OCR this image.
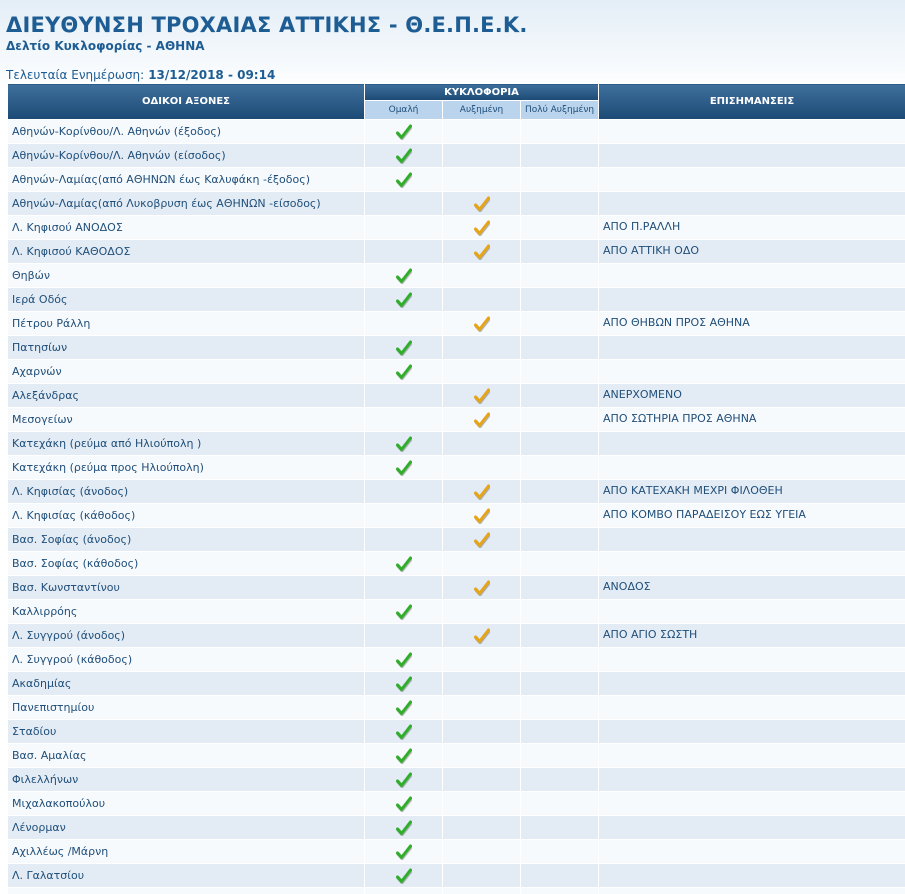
ΔΙΕΥΘΥΝΣΗ ΤΡΟΧΑΙΑΣ ΑΤΤΙΚΗΣ - Θ.Ε.Π.Ε.Κ.
Δελτίο Κυκλοφορίας - ΑΘΗΝΑ
Τελευταία Ενημέρωση: 13/12/2018 - 09:14
ΟΔΙΚΟΙ ΑΞΟΝΕΣ	ΚΥΚΛΟΦΟΡΙΑ			ΕΠΙΣΗΜΑΝΣΕΙΣ
	Ομαλή	Αυξημένη	Πολύ Αυξημένη	
Αθηνών-Κορίνθου/Λ. Αθηνών (έξοδος)	

Αθηνών-Κορίνθου/Λ. Αθηνών (είσοδος)	

Αθηνών-Λαμίας(από ΑΘΗΝΩΝ έως Καλυφάκη -έξοδος)	

Αθηνών-Λαμίας(από Λυκοβρυση έως ΑΘΗΝΩΝ -είσοδος)		

Λ. Κηφισού ΑΝΟΔΟΣ				ΑΠΟ Π.ΡΑΛΛΗ
Λ. Κηφισού ΚΑΘΟΔΟΣ				ΑΠΟ ΑΤΤΙΚΗ ΟΔΟ
Θηβών	

Ιερά Οδός	

Πέτρου Ράλλη				ΑΠΟ ΘΗΒΩΝ ΠΡΟΣ ΑΘΗΝΑ
Πατησίων	

Αχαρνών	

Αλεξάνδρας				ΑΝΕΡΧΟΜΕΝΟ
Μεσογείων				ΑΠΟ ΣΩΤΗΡΙΑ ΠΡΟΣ ΑΘΗΝΑ
Κατεχάκη (ρεύμα από Ηλιούπολη )	

Κατεχάκη (ρεύμα προς Ηλιούπολη)	

Λ. Κηφισίας (άνοδος)				ΑΠΟ ΚΑΤΕΧΑΚΗ ΜΕΧΡΙ ΦΙΛΟΘΕΗ
Λ. Κηφισίας (κάθοδος)				ΑΠΟ ΚΟΜΒΟ ΠΑΡΑΔΕΙΣΟΥ ΕΩΣ ΥΓΕΙΑ
Βασ. Σοφίας (άνοδος)		

Βασ. Σοφίας (κάθοδος)	

Βασ. Κωνσταντίνου				ΑΝΟΔΟΣ
Καλλιρρόης	

Λ. Συγγρού (άνοδος)				ΑΠΟ ΑΓΙΟ ΣΩΣΤΗ
Λ. Συγγρού (κάθοδος)	

Ακαδημίας	

Πανεπιστημίου	

Σταδίου	

Βασ. Αμαλίας	

Φιλελλήνων	

Μιχαλακοπούλου	

Λένορμαν	

Αχιλλέως /Μάρνη	

Λ. Γαλατσίου	
